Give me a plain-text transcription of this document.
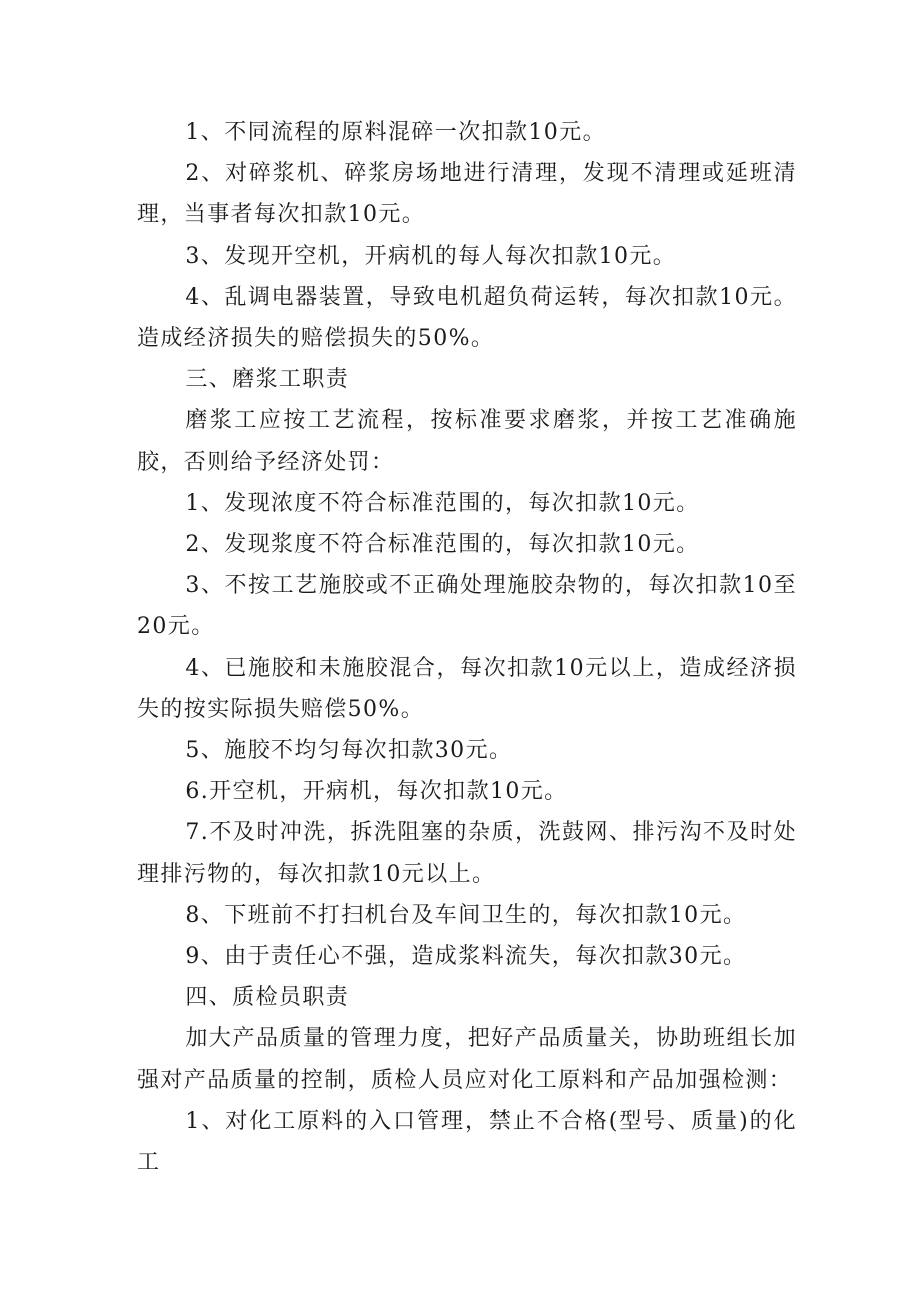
1、不同流程的原料混碎一次扣款10元。

2、对碎浆机、碎浆房场地进行清理，发现不清理或延班清理，当事者每次扣款10元。

3、发现开空机，开病机的每人每次扣款10元。

4、乱调电器装置，导致电机超负荷运转，每次扣款10元。造成经济损失的赔偿损失的50%。

三、磨浆工职责

磨浆工应按工艺流程，按标准要求磨浆，并按工艺准确施胶，否则给予经济处罚：

1、发现浓度不符合标准范围的，每次扣款10元。

2、发现浆度不符合标准范围的，每次扣款10元。

3、不按工艺施胶或不正确处理施胶杂物的，每次扣款10至20元。

4、已施胶和未施胶混合，每次扣款10元以上，造成经济损失的按实际损失赔偿50%。

5、施胶不均匀每次扣款30元。

6.开空机，开病机，每次扣款10元。

7.不及时冲洗，拆洗阻塞的杂质，洗鼓网、排污沟不及时处理排污物的，每次扣款10元以上。

8、下班前不打扫机台及车间卫生的，每次扣款10元。

9、由于责任心不强，造成浆料流失，每次扣款30元。

四、质检员职责

加大产品质量的管理力度，把好产品质量关，协助班组长加强对产品质量的控制，质检人员应对化工原料和产品加强检测：

1、对化工原料的入口管理，禁止不合格(型号、质量)的化工
